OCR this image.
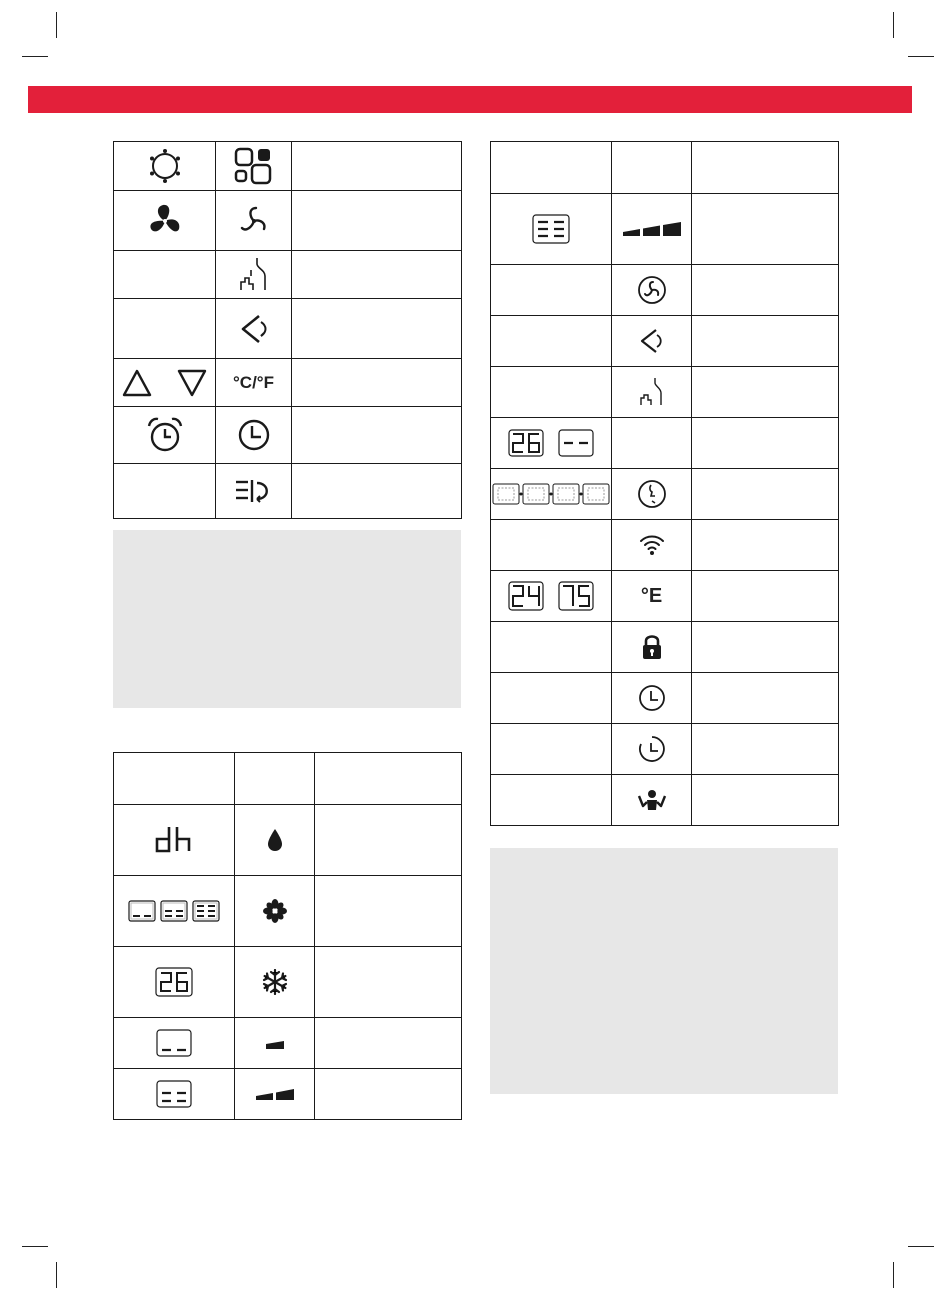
	°C/°F	

	°E	
